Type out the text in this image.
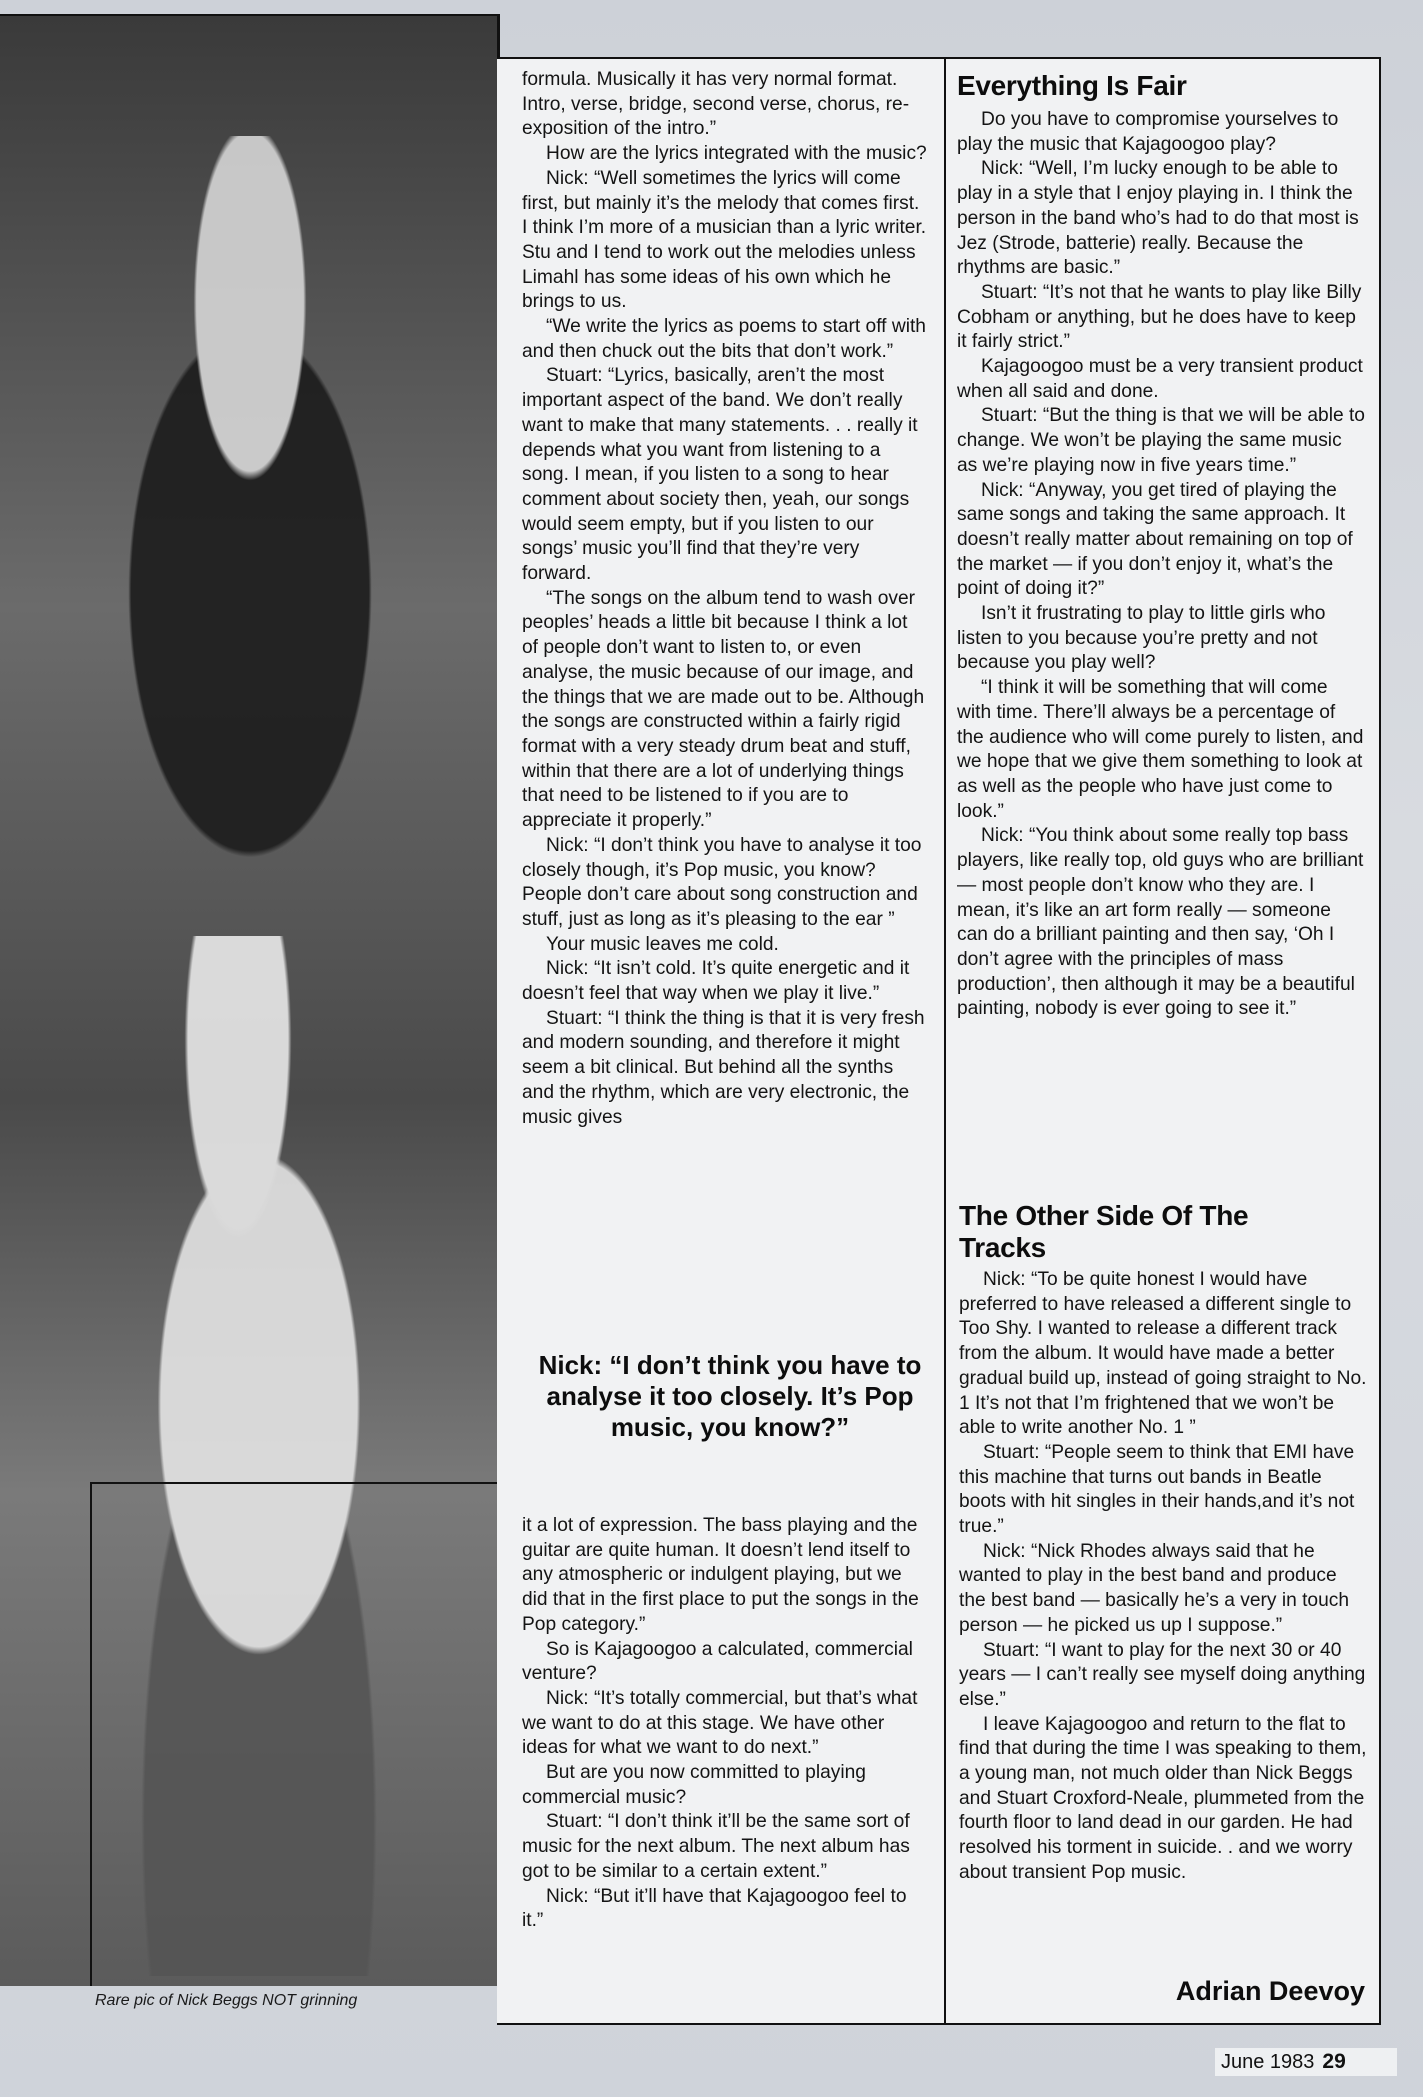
Rare pic of Nick Beggs NOT grinning

formula. Musically it has very normal format. Intro, verse, bridge, second verse, chorus, re-exposition of the intro.”

How are the lyrics integrated with the music?

Nick: “Well sometimes the lyrics will come first, but mainly it’s the melody that comes first. I think I’m more of a musician than a lyric writer. Stu and I tend to work out the melodies unless Limahl has some ideas of his own which he brings to us.

“We write the lyrics as poems to start off with and then chuck out the bits that don’t work.”

Stuart: “Lyrics, basically, aren’t the most important aspect of the band. We don’t really want to make that many statements. . . really it depends what you want from listening to a song. I mean, if you listen to a song to hear comment about society then, yeah, our songs would seem empty, but if you listen to our songs’ music you’ll find that they’re very forward.

“The songs on the album tend to wash over peoples’ heads a little bit because I think a lot of people don’t want to listen to, or even analyse, the music because of our image, and the things that we are made out to be. Although the songs are constructed within a fairly rigid format with a very steady drum beat and stuff, within that there are a lot of underlying things that need to be listened to if you are to appreciate it properly.”

Nick: “I don’t think you have to analyse it too closely though, it’s Pop music, you know? People don’t care about song construction and stuff, just as long as it’s pleasing to the ear ”

Your music leaves me cold.

Nick: “It isn’t cold. It’s quite energetic and it doesn’t feel that way when we play it live.”

Stuart: “I think the thing is that it is very fresh and modern sounding, and therefore it might seem a bit clinical. But behind all the synths and the rhythm, which are very electronic, the music gives

Nick: “I don’t think you have to analyse it too closely. It’s Pop music, you know?”

it a lot of expression. The bass playing and the guitar are quite human. It doesn’t lend itself to any atmospheric or indulgent playing, but we did that in the first place to put the songs in the Pop category.”

So is Kajagoogoo a calculated, commercial venture?

Nick: “It’s totally commercial, but that’s what we want to do at this stage. We have other ideas for what we want to do next.”

But are you now committed to playing commercial music?

Stuart: “I don’t think it’ll be the same sort of music for the next album. The next album has got to be similar to a certain extent.”

Nick: “But it’ll have that Kajagoogoo feel to it.”

Everything Is Fair

Do you have to compromise yourselves to play the music that Kajagoogoo play?

Nick: “Well, I’m lucky enough to be able to play in a style that I enjoy playing in. I think the person in the band who’s had to do that most is Jez (Strode, batterie) really. Because the rhythms are basic.”

Stuart: “It’s not that he wants to play like Billy Cobham or anything, but he does have to keep it fairly strict.”

Kajagoogoo must be a very transient product when all said and done.

Stuart: “But the thing is that we will be able to change. We won’t be playing the same music as we’re playing now in five years time.”

Nick: “Anyway, you get tired of playing the same songs and taking the same approach. It doesn’t really matter about remaining on top of the market — if you don’t enjoy it, what’s the point of doing it?”

Isn’t it frustrating to play to little girls who listen to you because you’re pretty and not because you play well?

“I think it will be something that will come with time. There’ll always be a percentage of the audience who will come purely to listen, and we hope that we give them something to look at as well as the people who have just come to look.”

Nick: “You think about some really top bass players, like really top, old guys who are brilliant — most people don’t know who they are. I mean, it’s like an art form really — someone can do a brilliant painting and then say, ‘Oh I don’t agree with the principles of mass production’, then although it may be a beautiful painting, nobody is ever going to see it.”

The Other Side Of The Tracks

Nick: “To be quite honest I would have preferred to have released a different single to Too Shy. I wanted to release a different track from the album. It would have made a better gradual build up, instead of going straight to No. 1 It’s not that I’m frightened that we won’t be able to write another No. 1 ”

Stuart: “People seem to think that EMI have this machine that turns out bands in Beatle boots with hit singles in their hands,and it’s not true.”

Nick: “Nick Rhodes always said that he wanted to play in the best band and produce the best band — basically he’s a very in touch person — he picked us up I suppose.”

Stuart: “I want to play for the next 30 or 40 years — I can’t really see myself doing anything else.”

I leave Kajagoogoo and return to the flat to find that during the time I was speaking to them, a young man, not much older than Nick Beggs and Stuart Croxford-Neale, plummeted from the fourth floor to land dead in our garden. He had resolved his torment in suicide. . and we worry about transient Pop music.

Adrian Deevoy
June 1983 29
